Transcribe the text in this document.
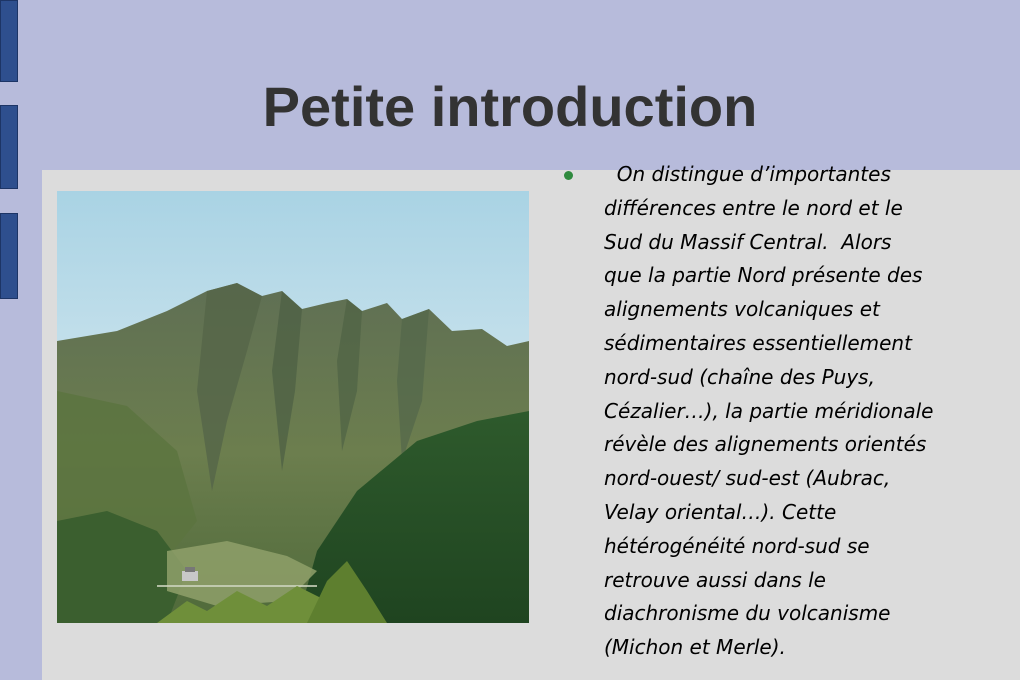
Petite introduction
On distingue d’importantes
différences entre le nord et le
Sud du Massif Central.  Alors
que la partie Nord présente des
alignements volcaniques et
sédimentaires essentiellement
nord-sud (chaîne des Puys,
Cézalier…), la partie méridionale
révèle des alignements orientés
nord-ouest/ sud-est (Aubrac,
Velay oriental…). Cette
hétérogénéité nord-sud se
retrouve aussi dans le
diachronisme du volcanisme
(Michon et Merle).
